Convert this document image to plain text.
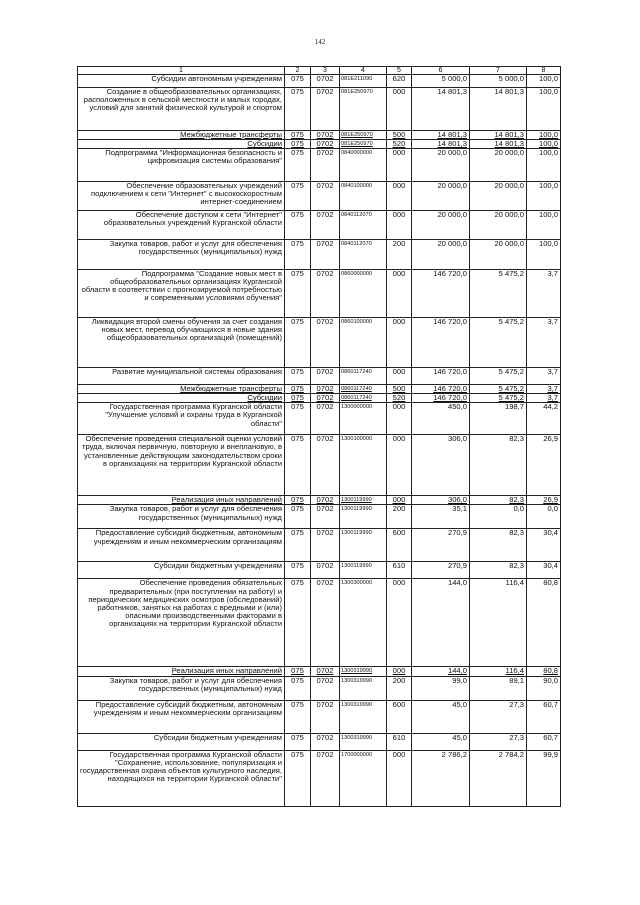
142
1	2	3	4	5	6	7	8
Субсидии автономным учреждениям	075	0702	081E211090	620	5 000,0	5 000,0	100,0
Создание в общеобразовательных организациях, расположенных в сельской местности и малых городах, условий для занятий физической культурой и спортом	075	0702	081E250970	000	14 801,3	14 801,3	100,0
Межбюджетные трансферты	075	0702	081E250970	500	14 801,3	14 801,3	100,0
Субсидии	075	0702	081E250970	520	14 801,3	14 801,3	100,0
Подпрограмма "Информационная безопасность и цифровизация системы образования"	075	0702	0840000000	000	20 000,0	20 000,0	100,0
Обеспечение образовательных учреждений подключением к сети "Интернет" с высокоскоростным интернет-соединением	075	0702	0840100000	000	20 000,0	20 000,0	100,0
Обеспечение доступом к сети "Интернет" образовательных учреждений Курганской области	075	0702	0840112070	000	20 000,0	20 000,0	100,0
Закупка товаров, работ и услуг для обеспечения государственных (муниципальных) нужд	075	0702	0840112070	200	20 000,0	20 000,0	100,0
Подпрограмма "Создание новых мест в общеобразовательных организациях Курганской области в соответствии с прогнозируемой потребностью и современными условиями обучения"	075	0702	0860000000	000	146 720,0	5 475,2	3,7
Ликвидация второй смены обучения за счет создания новых мест, перевод обучающихся в новые здания общеобразовательных организаций (помещений)	075	0702	0860100000	000	146 720,0	5 475,2	3,7
Развитие муниципальной системы образования	075	0702	0860117240	000	146 720,0	5 475,2	3,7
Межбюджетные трансферты	075	0702	0860117240	500	146 720,0	5 475,2	3,7
Субсидии	075	0702	0860117240	520	146 720,0	5 475,2	3,7
Государственная программа Курганской области "Улучшение условий и охраны труда в Курганской области"	075	0702	1300000000	000	450,0	198,7	44,2
Обеспечение проведения специальной оценки условий труда, включая первичную, повторную и внеплановую, в установленные действующим законодательством сроки в организациях на территории Курганской области	075	0702	1300100000	000	306,0	82,3	26,9
Реализация иных направлений	075	0702	1300119990	000	306,0	82,3	26,9
Закупка товаров, работ и услуг для обеспечения государственных (муниципальных) нужд	075	0702	1300119990	200	35,1	0,0	0,0
Предоставление субсидий бюджетным, автономным учреждениям и иным некоммерческим организациям	075	0702	1300119990	600	270,9	82,3	30,4
Субсидии бюджетным учреждениям	075	0702	1300119990	610	270,9	82,3	30,4
Обеспечение проведения обязательных предварительных (при поступлении на работу) и периодических медицинских осмотров (обследований) работников, занятых на работах с вредными и (или) опасными производственными факторами в организациях на территории Курганской области	075	0702	1300300000	000	144,0	116,4	80,8
Реализация иных направлений	075	0702	1300319990	000	144,0	116,4	80,8
Закупка товаров, работ и услуг для обеспечения государственных (муниципальных) нужд	075	0702	1300319990	200	99,0	89,1	90,0
Предоставление субсидий бюджетным, автономным учреждениям и иным некоммерческим организациям	075	0702	1300319990	600	45,0	27,3	60,7
Субсидии бюджетным учреждениям	075	0702	1300319990	610	45,0	27,3	60,7
Государственная программа Курганской области "Сохранение, использование, популяризация и государственная охрана объектов культурного наследия, находящихся на территории Курганской области"	075	0702	1700000000	000	2 786,2	2 784,2	99,9
